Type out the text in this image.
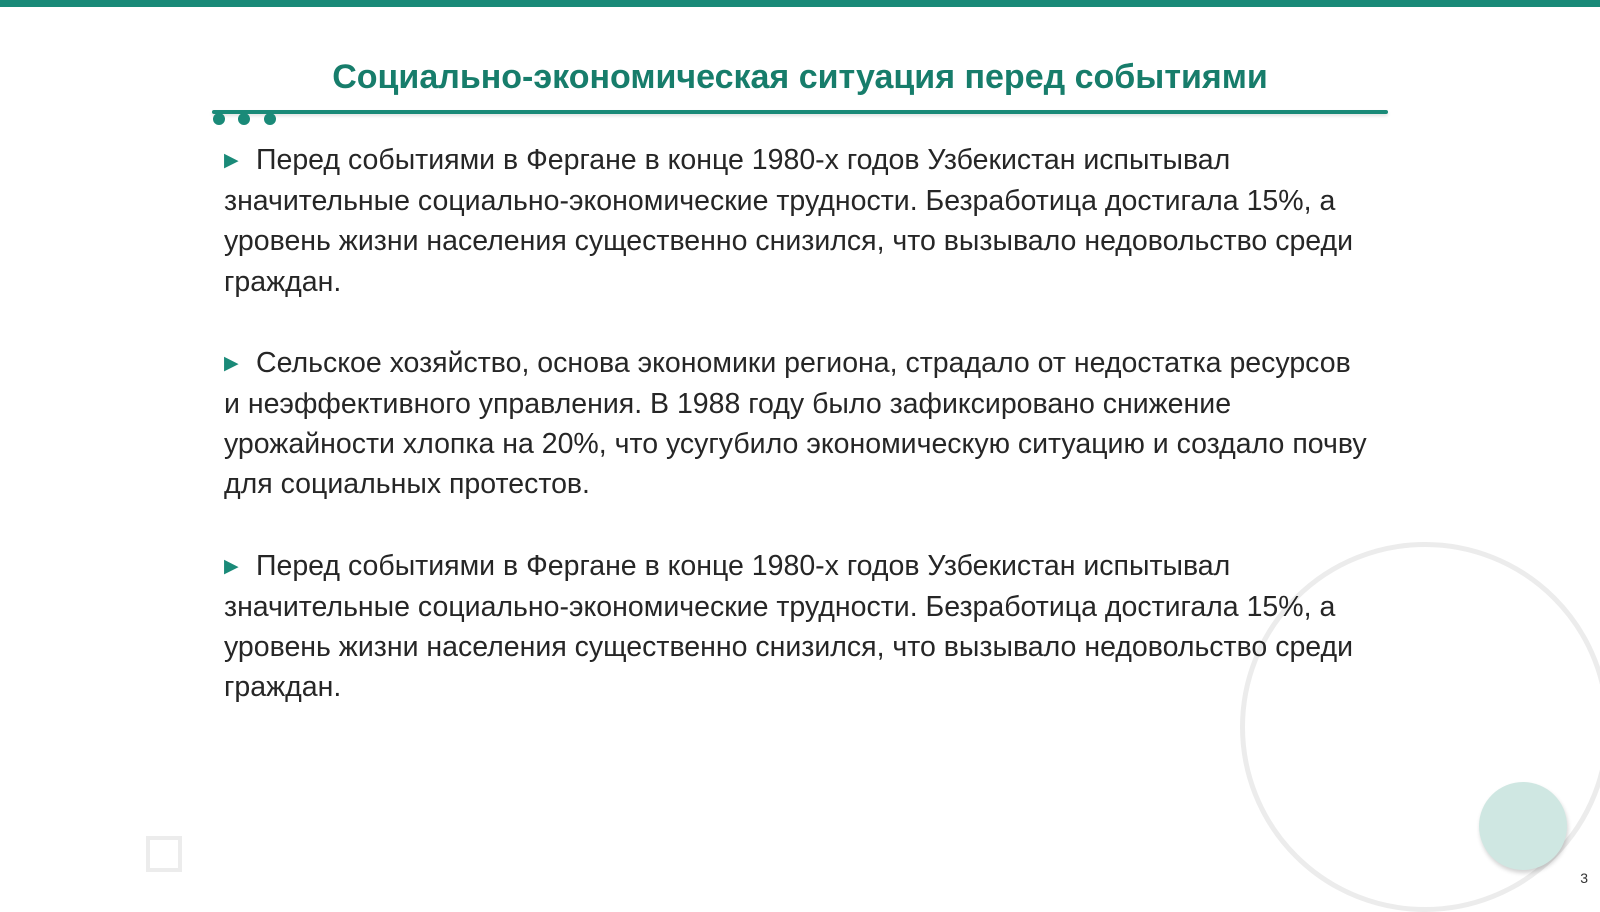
Социально-экономическая ситуация перед событиями

▶ Перед событиями в Фергане в конце 1980-х годов Узбекистан испытывал значительные социально-экономические трудности. Безработица достигала 15%, а уровень жизни населения существенно снизился, что вызывало недовольство среди граждан.

▶ Сельское хозяйство, основа экономики региона, страдало от недостатка ресурсов и неэффективного управления. В 1988 году было зафиксировано снижение урожайности хлопка на 20%, что усугубило экономическую ситуацию и создало почву для социальных протестов.

▶ Перед событиями в Фергане в конце 1980-х годов Узбекистан испытывал значительные социально-экономические трудности. Безработица достигала 15%, а уровень жизни населения существенно снизился, что вызывало недовольство среди граждан.

3
